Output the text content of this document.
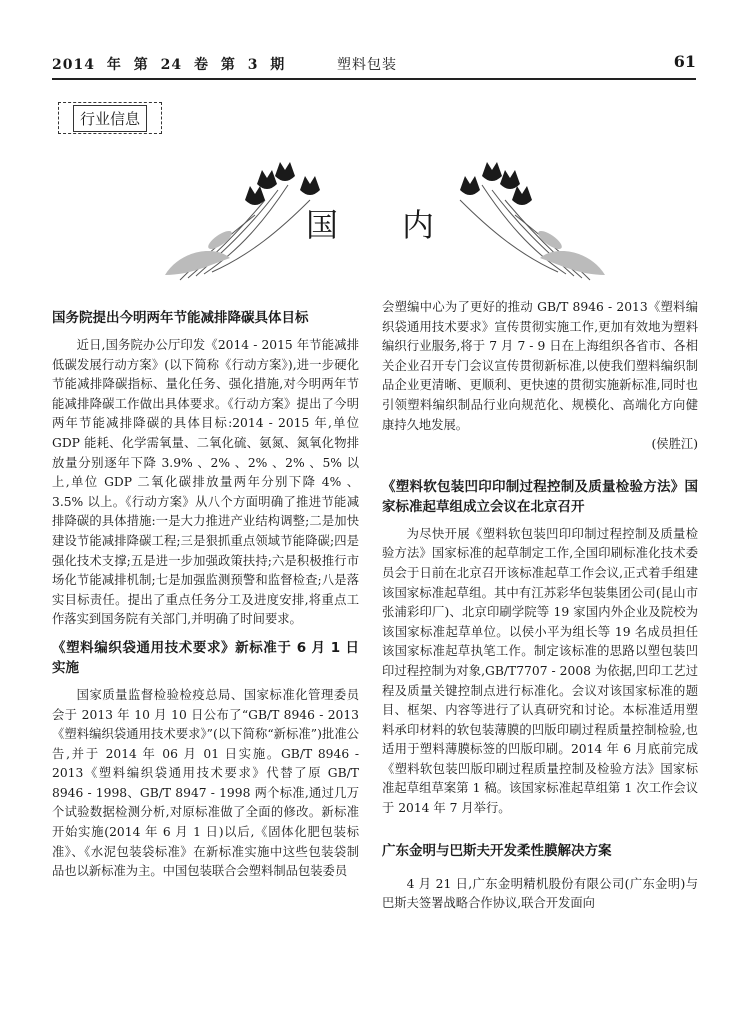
2014 年 第 24 卷 第 3 期	塑料包装	61
行业信息
国 内
国务院提出今明两年节能减排降碳具体目标

近日,国务院办公厅印发《2014 - 2015 年节能减排低碳发展行动方案》(以下简称《行动方案》),进一步硬化节能减排降碳指标、量化任务、强化措施,对今明两年节能减排降碳工作做出具体要求。《行动方案》提出了今明两年节能减排降碳的具体目标:2014 - 2015 年,单位 GDP 能耗、化学需氧量、二氧化硫、氨氮、氮氧化物排放量分别逐年下降 3.9% 、2% 、2% 、2% 、5% 以上,单位 GDP 二氧化碳排放量两年分别下降 4% 、3.5% 以上。《行动方案》从八个方面明确了推进节能减排降碳的具体措施:一是大力推进产业结构调整;二是加快建设节能减排降碳工程;三是狠抓重点领域节能降碳;四是强化技术支撑;五是进一步加强政策扶持;六是积极推行市场化节能减排机制;七是加强监测预警和监督检查;八是落实目标责任。提出了重点任务分工及进度安排,将重点工作落实到国务院有关部门,并明确了时间要求。

《塑料编织袋通用技术要求》新标准于 6 月 1 日实施

国家质量监督检验检疫总局、国家标准化管理委员会于 2013 年 10 月 10 日公布了“GB/T 8946 - 2013《塑料编织袋通用技术要求》”(以下简称“新标准”)批准公告,并于 2014 年 06 月 01 日实施。GB/T 8946 - 2013《塑料编织袋通用技术要求》代替了原 GB/T 8946 - 1998、GB/T 8947 - 1998 两个标准,通过几万个试验数据检测分析,对原标准做了全面的修改。新标准开始实施(2014 年 6 月 1 日)以后,《固体化肥包装标准》、《水泥包装袋标准》在新标准实施中这些包装袋制品也以新标准为主。中国包装联合会塑料制品包装委员

会塑编中心为了更好的推动 GB/T 8946 - 2013《塑料编织袋通用技术要求》宣传贯彻实施工作,更加有效地为塑料编织行业服务,将于 7 月 7 - 9 日在上海组织各省市、各相关企业召开专门会议宣传贯彻新标准,以使我们塑料编织制品企业更清晰、更顺利、更快速的贯彻实施新标准,同时也引领塑料编织制品行业向规范化、规模化、高端化方向健康持久地发展。

(侯胜江)
《塑料软包装凹印印制过程控制及质量检验方法》国家标准起草组成立会议在北京召开

为尽快开展《塑料软包装凹印印制过程控制及质量检验方法》国家标准的起草制定工作,全国印刷标准化技术委员会于日前在北京召开该标准起草工作会议,正式着手组建该国家标准起草组。其中有江苏彩华包装集团公司(昆山市张浦彩印厂)、北京印刷学院等 19 家国内外企业及院校为该国家标准起草单位。以侯小平为组长等 19 名成员担任该国家标准起草执笔工作。制定该标准的思路以塑包装凹印过程控制为对象,GB/T7707 - 2008 为依据,凹印工艺过程及质量关键控制点进行标准化。会议对该国家标准的题目、框架、内容等进行了认真研究和讨论。本标准适用塑料承印材料的软包装薄膜的凹版印刷过程质量控制检验,也适用于塑料薄膜标签的凹版印刷。2014 年 6 月底前完成《塑料软包装凹版印刷过程质量控制及检验方法》国家标准起草组草案第 1 稿。该国家标准起草组第 1 次工作会议于 2014 年 7 月举行。

广东金明与巴斯夫开发柔性膜解决方案

4 月 21 日,广东金明精机股份有限公司(广东金明)与巴斯夫签署战略合作协议,联合开发面向
